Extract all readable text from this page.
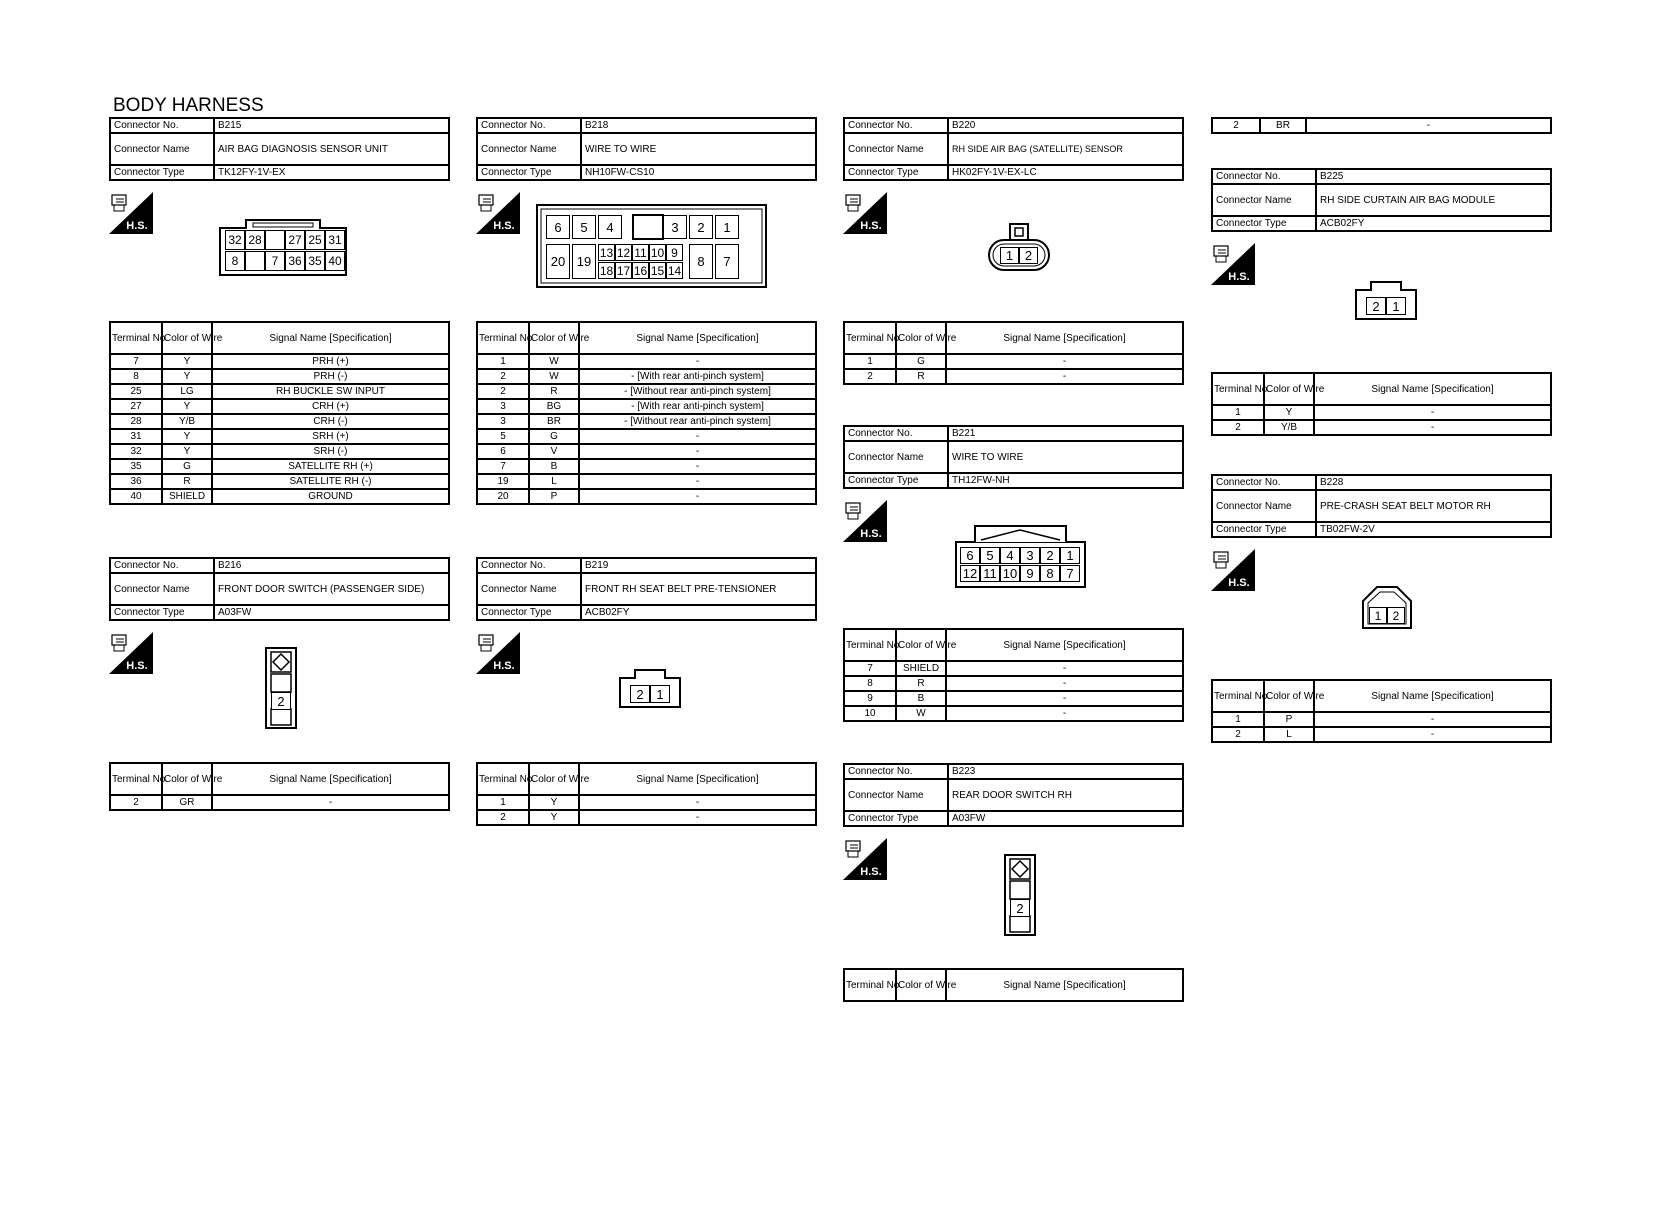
BODY HARNESS
Connector No.	B215
Connector Name	AIR BAG DIAGNOSIS SENSOR UNIT
Connector Type	TK12FY-1V-EX
H.S.
32
8
28
7
27
36
25
35
31
40
Terminal No.	Color of Wire	Signal Name [Specification]
7	Y	PRH (+)
8	Y	PRH (-)
25	LG	RH BUCKLE SW INPUT
27	Y	CRH (+)
28	Y/B	CRH (-)
31	Y	SRH (+)
32	Y	SRH (-)
35	G	SATELLITE RH (+)
36	R	SATELLITE RH (-)
40	SHIELD	GROUND
Connector No.	B216
Connector Name	FRONT DOOR SWITCH (PASSENGER SIDE)
Connector Type	A03FW
H.S.
2
Terminal No.	Color of Wire	Signal Name [Specification]
2	GR	-
Connector No.	B218
Connector Name	WIRE TO WIRE
Connector Type	NH10FW-CS10
H.S.	6	5	4	3	2	1
20 19
13
18
12
17
11
16
10
15
9
14
8	7
Terminal No.	Color of Wire	Signal Name [Specification]
1	W	-
2	W	- [With rear anti-pinch system]
2	R	- [Without rear anti-pinch system]
3	BG	- [With rear anti-pinch system]
3	BR	- [Without rear anti-pinch system]
5	G	-
6	V	-
7	B	-
19	L	-
20	P	-
Connector No.	B219
Connector Name	FRONT RH SEAT BELT PRE-TENSIONER
Connector Type	ACB02FY
H.S.
2 1
Terminal No.	Color of Wire	Signal Name [Specification]
1	Y	-
2	Y	-
Connector No.	B220
Connector Name	RH SIDE AIR BAG (SATELLITE) SENSOR
Connector Type	HK02FY-1V-EX-LC
H.S.
1 2
Terminal No.	Color of Wire	Signal Name [Specification]
1	G	-
2	R	-
Connector No.	B221
Connector Name	WIRE TO WIRE
Connector Type	TH12FW-NH
H.S.
6
12
5
11
4
10
3
9
2
8
1
7
Terminal No.	Color of Wire	Signal Name [Specification]
7	SHIELD	-
8	R	-
9	B	-
10	W	-
Connector No.	B223
Connector Name	REAR DOOR SWITCH RH
Connector Type	A03FW
H.S.
2
Terminal No.	Color of Wire	Signal Name [Specification]
2	BR	-
Connector No.	B225
Connector Name	RH SIDE CURTAIN AIR BAG MODULE
Connector Type	ACB02FY
H.S.
2 1
Terminal No.	Color of Wire	Signal Name [Specification]
1	Y	-
2	Y/B	-
Connector No.	B228
Connector Name	PRE-CRASH SEAT BELT MOTOR RH
Connector Type	TB02FW-2V
H.S.
1 2
Terminal No.	Color of Wire	Signal Name [Specification]
1	P	-
2	L	-
